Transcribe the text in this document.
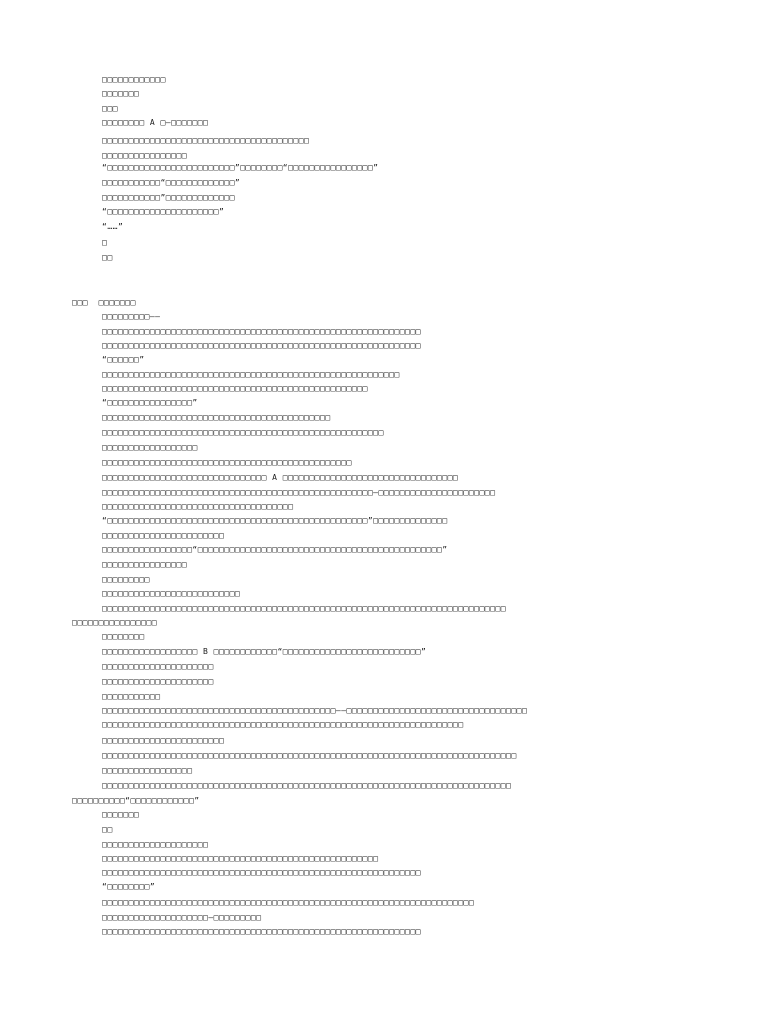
□□□□□□□□□□□□
□□□□□□□
□□□
□□□□□□□□ A □—□□□□□□□
□□□□□□□□□□□□□□□□□□□□□□□□□□□□□□□□□□□□□□□
□□□□□□□□□□□□□□□□
“□□□□□□□□□□□□□□□□□□□□□□□□”□□□□□□□□“□□□□□□□□□□□□□□□□”
□□□□□□□□□□□“□□□□□□□□□□□□□”
□□□□□□□□□□□”□□□□□□□□□□□□□
“□□□□□□□□□□□□□□□□□□□□□”
“……”
□
□□
□□□  □□□□□□□
□□□□□□□□□——
□□□□□□□□□□□□□□□□□□□□□□□□□□□□□□□□□□□□□□□□□□□□□□□□□□□□□□□□□□□□
□□□□□□□□□□□□□□□□□□□□□□□□□□□□□□□□□□□□□□□□□□□□□□□□□□□□□□□□□□□□
“□□□□□□”
□□□□□□□□□□□□□□□□□□□□□□□□□□□□□□□□□□□□□□□□□□□□□□□□□□□□□□□□
□□□□□□□□□□□□□□□□□□□□□□□□□□□□□□□□□□□□□□□□□□□□□□□□□□
“□□□□□□□□□□□□□□□□”
□□□□□□□□□□□□□□□□□□□□□□□□□□□□□□□□□□□□□□□□□□□
□□□□□□□□□□□□□□□□□□□□□□□□□□□□□□□□□□□□□□□□□□□□□□□□□□□□□
□□□□□□□□□□□□□□□□□□
□□□□□□□□□□□□□□□□□□□□□□□□□□□□□□□□□□□□□□□□□□□□□□□
□□□□□□□□□□□□□□□□□□□□□□□□□□□□□□□ A □□□□□□□□□□□□□□□□□□□□□□□□□□□□□□□□□
□□□□□□□□□□□□□□□□□□□□□□□□□□□□□□□□□□□□□□□□□□□□□□□□□□□—□□□□□□□□□□□□□□□□□□□□□□
□□□□□□□□□□□□□□□□□□□□□□□□□□□□□□□□□□□□
“□□□□□□□□□□□□□□□□□□□□□□□□□□□□□□□□□□□□□□□□□□□□□□□□□”□□□□□□□□□□□□□□
□□□□□□□□□□□□□□□□□□□□□□□
□□□□□□□□□□□□□□□□□“□□□□□□□□□□□□□□□□□□□□□□□□□□□□□□□□□□□□□□□□□□□□□□”
□□□□□□□□□□□□□□□□
□□□□□□□□□
□□□□□□□□□□□□□□□□□□□□□□□□□□
□□□□□□□□□□□□□□□□□□□□□□□□□□□□□□□□□□□□□□□□□□□□□□□□□□□□□□□□□□□□□□□□□□□□□□□□□□□□
□□□□□□□□□□□□□□□□
□□□□□□□□
□□□□□□□□□□□□□□□□□□ B □□□□□□□□□□□□“□□□□□□□□□□□□□□□□□□□□□□□□□□”
□□□□□□□□□□□□□□□□□□□□□
□□□□□□□□□□□□□□□□□□□□□
□□□□□□□□□□□
□□□□□□□□□□□□□□□□□□□□□□□□□□□□□□□□□□□□□□□□□□□□——□□□□□□□□□□□□□□□□□□□□□□□□□□□□□□□□□□
□□□□□□□□□□□□□□□□□□□□□□□□□□□□□□□□□□□□□□□□□□□□□□□□□□□□□□□□□□□□□□□□□□□□
□□□□□□□□□□□□□□□□□□□□□□□
□□□□□□□□□□□□□□□□□□□□□□□□□□□□□□□□□□□□□□□□□□□□□□□□□□□□□□□□□□□□□□□□□□□□□□□□□□□□□□
□□□□□□□□□□□□□□□□□
□□□□□□□□□□□□□□□□□□□□□□□□□□□□□□□□□□□□□□□□□□□□□□□□□□□□□□□□□□□□□□□□□□□□□□□□□□□□□
□□□□□□□□□□“□□□□□□□□□□□□”
□□□□□□□
□□
□□□□□□□□□□□□□□□□□□□□
□□□□□□□□□□□□□□□□□□□□□□□□□□□□□□□□□□□□□□□□□□□□□□□□□□□□
□□□□□□□□□□□□□□□□□□□□□□□□□□□□□□□□□□□□□□□□□□□□□□□□□□□□□□□□□□□□
“□□□□□□□□”
□□□□□□□□□□□□□□□□□□□□□□□□□□□□□□□□□□□□□□□□□□□□□□□□□□□□□□□□□□□□□□□□□□□□□□
□□□□□□□□□□□□□□□□□□□□—□□□□□□□□□
□□□□□□□□□□□□□□□□□□□□□□□□□□□□□□□□□□□□□□□□□□□□□□□□□□□□□□□□□□□□
